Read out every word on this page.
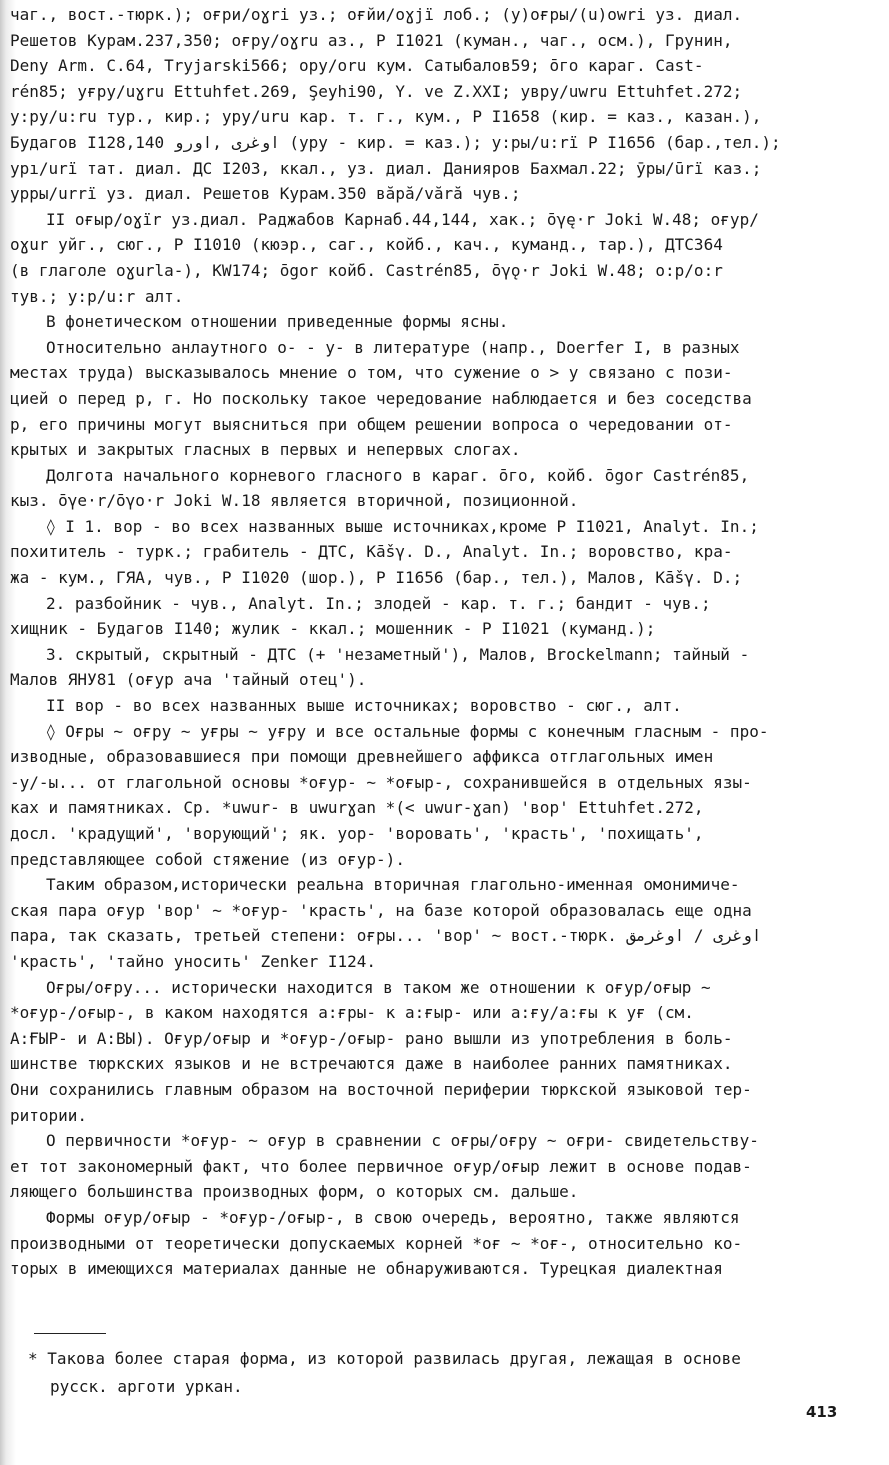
чаг., вост.-тюрк.); оғри/oɣri уз.; оғйи/oɣjï лоб.; (y)оғры/(u)owri уз. диал.
Решетов Курам.237,350; оғру/oɣru аз., Р I1021 (куман., чаг., осм.), Грунин,
Deny Arm. C.64, Tryjarski566; ору/oru кум. Сатыбалов59; ōгo караг. Cast-
rén85; уғру/uɣru Ettuhfet.269, Şeyhi90, Y. ve Z.XXI; увру/uwru Ettuhfet.272;
у:ру/u:ru тур., кир.; уру/uru кар. т. г., кум., Р I1658 (кир. = каз., казан.),
Будагов I128,140 اوغرى ,اورو (уру - кир. = каз.); у:ры/u:rï Р I1656 (бар.,тел.);
урı/urï тат. диал. ДС I203, ккал., уз. диал. Данияров Бахмал.22; ӯры/ūrï каз.;
урры/urrï уз. диал. Решетов Курам.350 вăрă/vără чув.;
II оғыр/oɣïr уз.диал. Раджабов Карнаб.44,144, хак.; ōγę·r Joki W.48; оғур/
oɣur уйг., сюг., Р I1010 (кюэр., саг., койб., кач., куманд., тар.), ДТС364
(в глаголе oɣurla-), KW174; ōgor койб. Castrén85, ōγǫ·r Joki W.48; о:р/o:r
тув.; у:р/u:r алт.
В фонетическом отношении приведенные формы ясны.
Относительно анлаутного о- - у- в литературе (напр., Doerfer I, в разных
местах труда) высказывалось мнение о том, что сужение о > у связано с пози-
цией о перед р, г. Но поскольку такое чередование наблюдается и без соседства
р, его причины могут выясниться при общем решении вопроса о чередовании от-
крытых и закрытых гласных в первых и непервых слогах.
Долгота начального корневого гласного в караг. ōгo, койб. ōgor Castrén85,
кыз. ōγe·r/ōγo·r Joki W.18 является вторичной, позиционной.
◊ I 1. вор - во всех названных выше источниках,кроме Р I1021, Analyt. In.;
похититель - турк.; грабитель - ДТС, Kāšγ. D., Analyt. In.; воровство, кра-
жа - кум., ГЯА, чув., Р I1020 (шор.), Р I1656 (бар., тел.), Малов, Kāšγ. D.;
2. разбойник - чув., Analyt. In.; злодей - кар. т. г.; бандит - чув.;
хищник - Будагов I140; жулик - ккал.; мошенник - Р I1021 (куманд.);
3. скрытый, скрытный - ДТС (+ 'незаметный'), Малов, Brockelmann; тайный -
Малов ЯНУ81 (оғур ача 'тайный отец').
II вор - во всех названных выше источниках; воровство - сюг., алт.
◊ Оғры ~ оғру ~ уғры ~ уғру и все остальные формы с конечным гласным - про-
изводные, образовавшиеся при помощи древнейшего аффикса отглагольных имен
-у/-ы... от глагольной основы *оғур- ~ *оғыр-, сохранившейся в отдельных язы-
ках и памятниках. Ср. *uwur- в uwurɣan *(< uwur-ɣan) 'вор' Ettuhfet.272,
досл. 'крадущий', 'ворующий'; як. уор- 'воровать', 'красть', 'похищать',
представляющее собой стяжение (из оғур-).
Таким образом,исторически реальна вторичная глагольно-именная омонимиче-
ская пара оғур 'вор' ~ *оғур- 'красть', на базе которой образовалась еще одна
пара, так сказать, третьей степени: оғры... 'вор' ~ вост.-тюрк. اوغرى / اوغرمق
'красть', 'тайно уносить' Zenker I124.
Оғры/оғру... исторически находится в таком же отношении к оғур/оғыр ~
*оғур-/оғыр-, в каком находятся а:ғры- к а:ғыр- или а:ғу/а:ғы к уғ (см.
А:ҒЫР- и А:ВЫ). Оғур/оғыр и *оғур-/оғыр- рано вышли из употребления в боль-
шинстве тюркских языков и не встречаются даже в наиболее ранних памятниках.
Они сохранились главным образом на восточной периферии тюркской языковой тер-
ритории.
О первичности *оғур- ~ оғур в сравнении с оғры/оғру ~ оғри- свидетельству-
ет тот закономерный факт, что более первичное оғур/оғыр лежит в основе подав-
ляющего большинства производных форм, о которых см. дальше.
Формы оғур/оғыр - *оғур-/оғыр-, в свою очередь, вероятно, также являются
производными от теоретически допускаемых корней *оғ ~ *оғ-, относительно ко-
торых в имеющихся материалах данные не обнаруживаются. Турецкая диалектная
* Такова более старая форма, из которой развилась другая, лежащая в основе
русск. арготи уркан.
413
